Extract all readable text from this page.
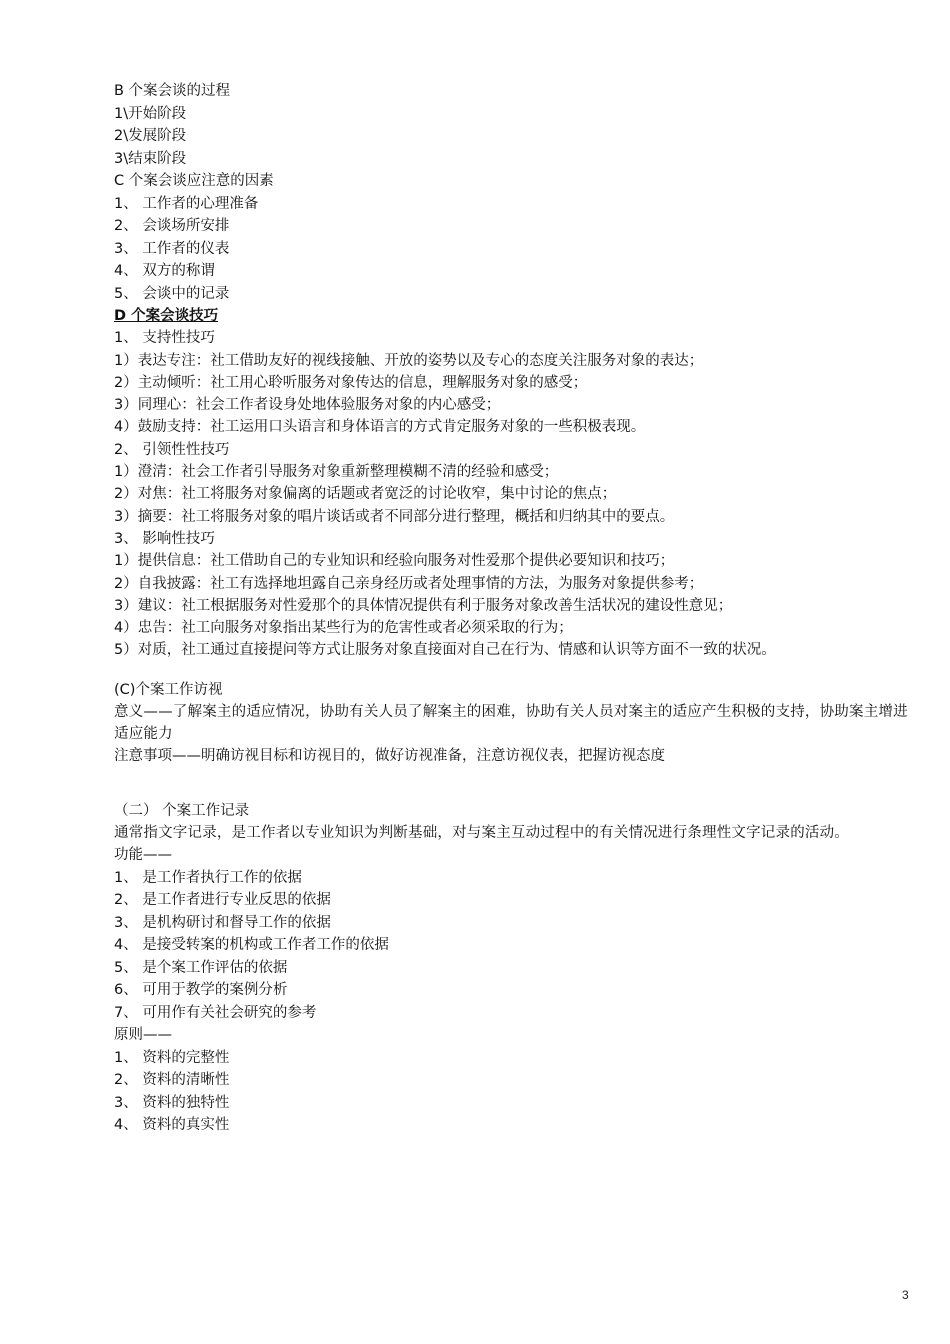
B 个案会谈的过程
1\开始阶段
2\发展阶段
3\结束阶段
C 个案会谈应注意的因素
1、 工作者的心理准备
2、 会谈场所安排
3、 工作者的仪表
4、 双方的称谓
5、 会谈中的记录
D 个案会谈技巧
1、 支持性技巧
1）表达专注：社工借助友好的视线接触、开放的姿势以及专心的态度关注服务对象的表达；
2）主动倾听：社工用心聆听服务对象传达的信息，理解服务对象的感受；
3）同理心：社会工作者设身处地体验服务对象的内心感受；
4）鼓励支持：社工运用口头语言和身体语言的方式肯定服务对象的一些积极表现。
2、 引领性性技巧
1）澄清：社会工作者引导服务对象重新整理模糊不清的经验和感受；
2）对焦：社工将服务对象偏离的话题或者宽泛的讨论收窄，集中讨论的焦点；
3）摘要：社工将服务对象的唱片谈话或者不同部分进行整理，概括和归纳其中的要点。
3、 影响性技巧
1）提供信息：社工借助自己的专业知识和经验向服务对性爱那个提供必要知识和技巧；
2）自我披露：社工有选择地坦露自己亲身经历或者处理事情的方法，为服务对象提供参考；
3）建议：社工根据服务对性爱那个的具体情况提供有利于服务对象改善生活状况的建设性意见；
4）忠告：社工向服务对象指出某些行为的危害性或者必须采取的行为；
5）对质，社工通过直接提问等方式让服务对象直接面对自己在行为、情感和认识等方面不一致的状况。
(C)个案工作访视
意义——了解案主的适应情况，协助有关人员了解案主的困难，协助有关人员对案主的适应产生积极的支持，协助案主增进适应能力
注意事项——明确访视目标和访视目的，做好访视准备，注意访视仪表，把握访视态度
（二） 个案工作记录
通常指文字记录，是工作者以专业知识为判断基础，对与案主互动过程中的有关情况进行条理性文字记录的活动。
功能——
1、 是工作者执行工作的依据
2、 是工作者进行专业反思的依据
3、 是机构研讨和督导工作的依据
4、 是接受转案的机构或工作者工作的依据
5、 是个案工作评估的依据
6、 可用于教学的案例分析
7、 可用作有关社会研究的参考
原则——
1、 资料的完整性
2、 资料的清晰性
3、 资料的独特性
4、 资料的真实性
3
